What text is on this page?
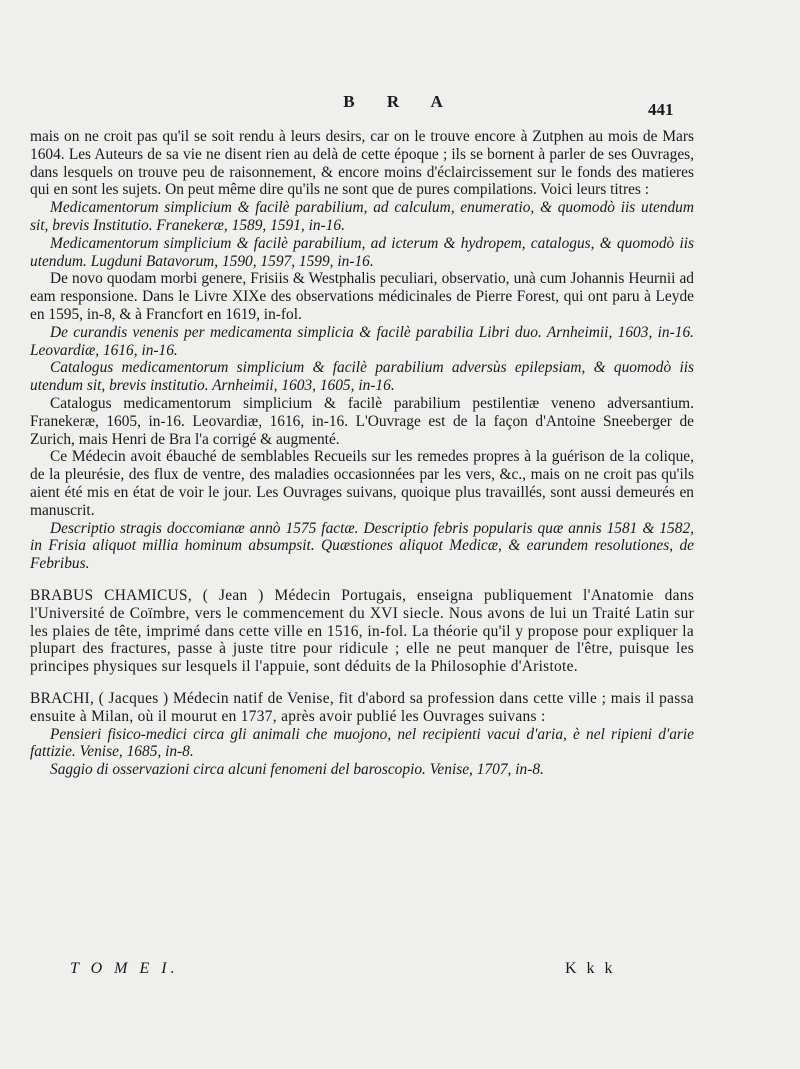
B R A	441

mais on ne croit pas qu'il se soit rendu à leurs desirs, car on le trouve encore à Zutphen au mois de Mars 1604. Les Auteurs de sa vie ne disent rien au delà de cette époque ; ils se bornent à parler de ses Ouvrages, dans lesquels on trouve peu de raisonnement, & encore moins d'éclaircissement sur le fonds des matieres qui en sont les sujets. On peut même dire qu'ils ne sont que de pures compilations. Voici leurs titres :

Medicamentorum simplicium & facilè parabilium, ad calculum, enumeratio, & quomodò iis utendum sit, brevis Institutio. Franekeræ, 1589, 1591, in-16.

Medicamentorum simplicium & facilè parabilium, ad icterum & hydropem, catalogus, & quomodò iis utendum. Lugduni Batavorum, 1590, 1597, 1599, in-16.

De novo quodam morbi genere, Frisiis & Westphalis peculiari, observatio, unà cum Johannis Heurnii ad eam responsione. Dans le Livre XIXe des observations médicinales de Pierre Forest, qui ont paru à Leyde en 1595, in-8, & à Francfort en 1619, in-fol.

De curandis venenis per medicamenta simplicia & facilè parabilia Libri duo. Arnheimii, 1603, in-16. Leovardiæ, 1616, in-16.

Catalogus medicamentorum simplicium & facilè parabilium adversùs epilepsiam, & quomodò iis utendum sit, brevis institutio. Arnheimii, 1603, 1605, in-16.

Catalogus medicamentorum simplicium & facilè parabilium pestilentiæ veneno adversantium. Franekeræ, 1605, in-16. Leovardiæ, 1616, in-16. L'Ouvrage est de la façon d'Antoine Sneeberger de Zurich, mais Henri de Bra l'a corrigé & augmenté.

Ce Médecin avoit ébauché de semblables Recueils sur les remedes propres à la guérison de la colique, de la pleurésie, des flux de ventre, des maladies occasionnées par les vers, &c., mais on ne croit pas qu'ils aient été mis en état de voir le jour. Les Ouvrages suivans, quoique plus travaillés, sont aussi demeurés en manuscrit.

Descriptio stragis doccomianæ annò 1575 factæ. Descriptio febris popularis quæ annis 1581 & 1582, in Frisia aliquot millia hominum absumpsit. Quæstiones aliquot Medicæ, & earundem resolutiones, de Febribus.

BRABUS CHAMICUS, ( Jean ) Médecin Portugais, enseigna publiquement l'Anatomie dans l'Université de Coïmbre, vers le commencement du XVI siecle. Nous avons de lui un Traité Latin sur les plaies de tête, imprimé dans cette ville en 1516, in-fol. La théorie qu'il y propose pour expliquer la plupart des fractures, passe à juste titre pour ridicule ; elle ne peut manquer de l'être, puisque les principes physiques sur lesquels il l'appuie, sont déduits de la Philosophie d'Aristote.

BRACHI, ( Jacques ) Médecin natif de Venise, fit d'abord sa profession dans cette ville ; mais il passa ensuite à Milan, où il mourut en 1737, après avoir publié les Ouvrages suivans :

Pensieri fisico-medici circa gli animali che muojono, nel recipienti vacui d'aria, è nel ripieni d'arie fattizie. Venise, 1685, in-8.

Saggio di osservazioni circa alcuni fenomeni del baroscopio. Venise, 1707, in-8.

T O M E I.	K k k
